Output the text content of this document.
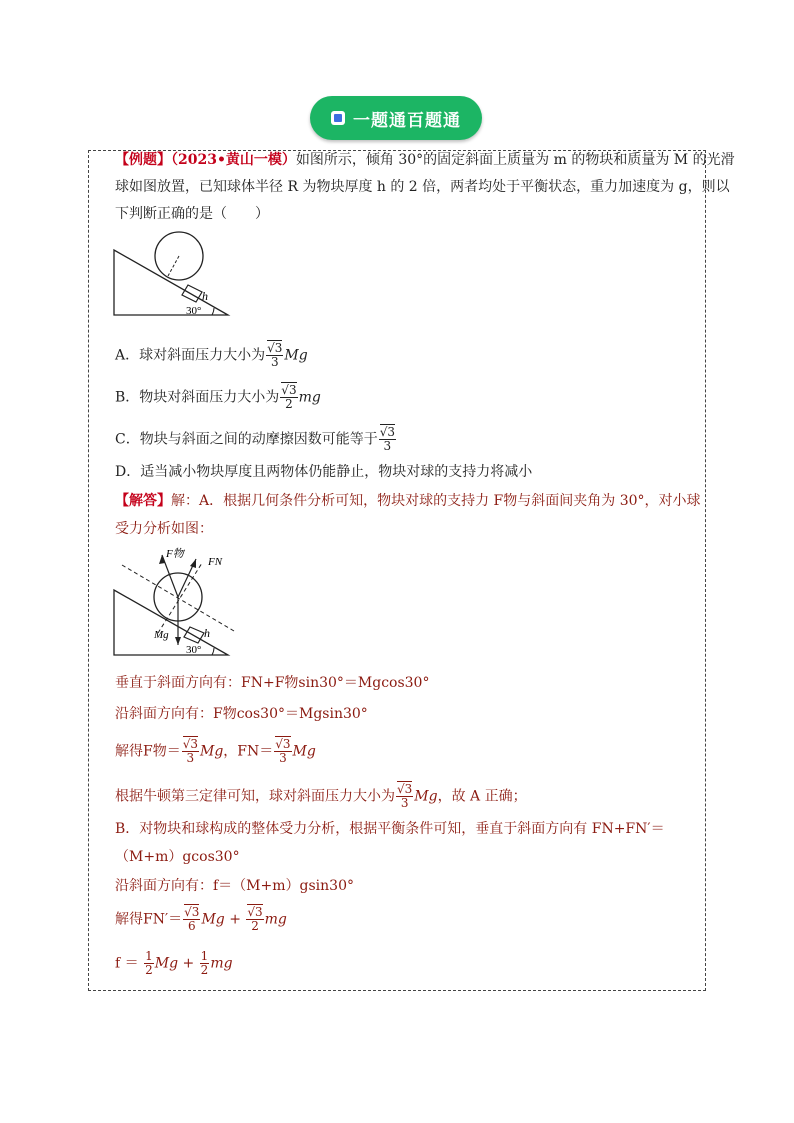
一题通百题通
【例题】（2023•黄山一模）如图所示，倾角 30°的固定斜面上质量为 m 的物块和质量为 M 的光滑
球如图放置，已知球体半径 R 为物块厚度 h 的 2 倍，两者均处于平衡状态，重力加速度为 g，则以
下判断正确的是（　　）
h
30°
A．球对斜面压力大小为 $\frac{√3}{3}$ Mg
B．物块对斜面压力大小为 $\frac{√3}{2}$ mg
C．物块与斜面之间的动摩擦因数可能等于 $\frac{√3}{3}$
D．适当减小物块厚度且两物体仍能静止，物块对球的支持力将减小
【解答】解：A．根据几何条件分析可知，物块对球的支持力 F物与斜面间夹角为 30°，对小球
受力分析如图：
F物
FN
Mg	h
30°
垂直于斜面方向有：FN+F物sin30°＝Mgcos30°
沿斜面方向有：F物cos30°＝Mgsin30°
解得F物＝ $\frac{√3}{3}$ Mg，$FN= \frac{√3}{3}$ Mg
根据牛顿第三定律可知，球对斜面压力大小为 $\frac{√3}{3}$ Mg，故 A 正确；
B．对物块和球构成的整体受力分析，根据平衡条件可知，垂直于斜面方向有 FN+FN′＝
（M+m）gcos30°
沿斜面方向有：f＝（M+m）gsin30°
解得$FN'= \frac{√3}{6}$ $Mg + \frac{√3}{2}$ mg
$f = \frac{1}{2}$ $Mg + \frac{1}{2}$ mg
